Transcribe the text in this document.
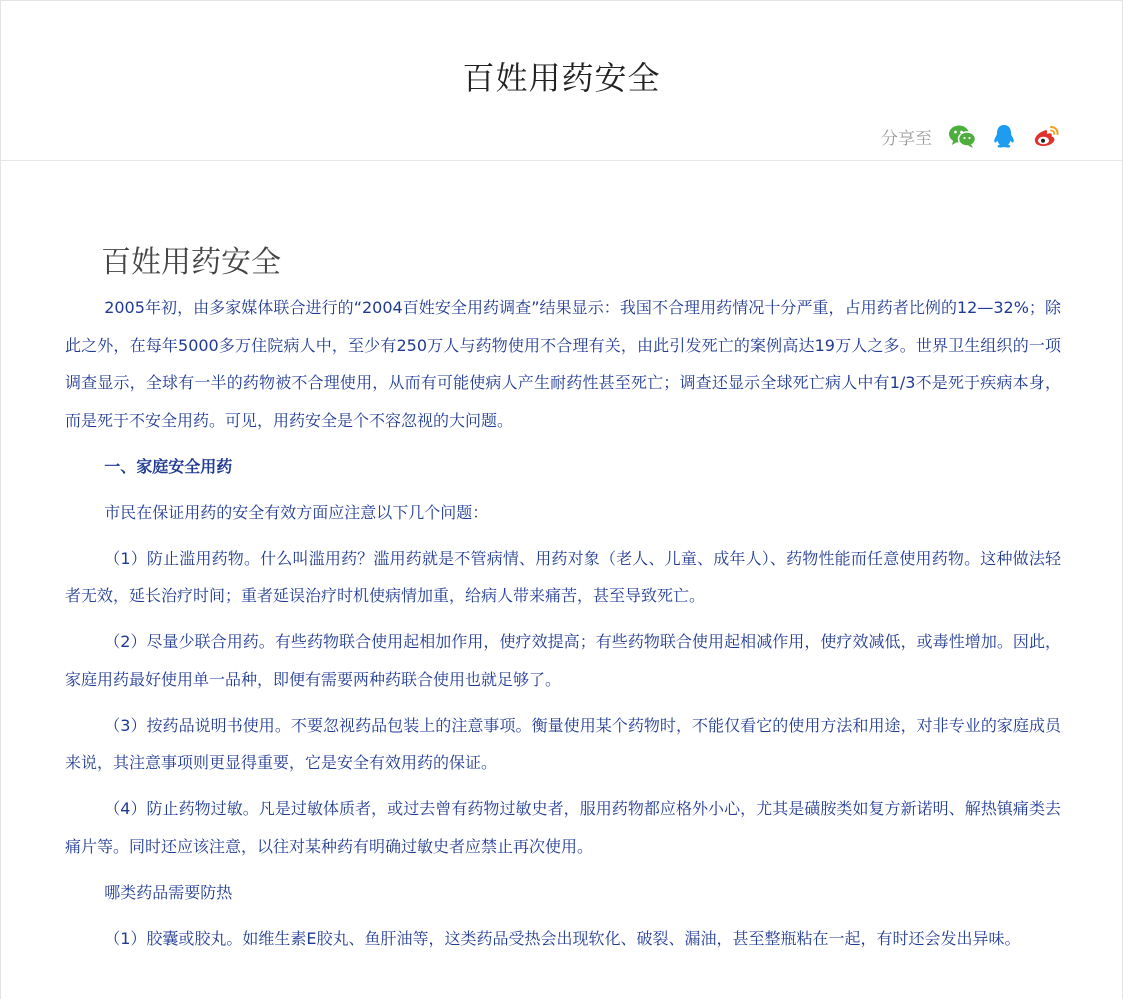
百姓用药安全
分享至
百姓用药安全

2005年初，由多家媒体联合进行的“2004百姓安全用药调查”结果显示：我国不合理用药情况十分严重，占用药者比例的12—32%；除此之外，在每年5000多万住院病人中，至少有250万人与药物使用不合理有关，由此引发死亡的案例高达19万人之多。世界卫生组织的一项调查显示，全球有一半的药物被不合理使用，从而有可能使病人产生耐药性甚至死亡；调查还显示全球死亡病人中有1/3不是死于疾病本身，而是死于不安全用药。可见，用药安全是个不容忽视的大问题。

一、家庭安全用药

市民在保证用药的安全有效方面应注意以下几个问题：

（1）防止滥用药物。什么叫滥用药？滥用药就是不管病情、用药对象（老人、儿童、成年人）、药物性能而任意使用药物。这种做法轻者无效，延长治疗时间；重者延误治疗时机使病情加重，给病人带来痛苦，甚至导致死亡。

（2）尽量少联合用药。有些药物联合使用起相加作用，使疗效提高；有些药物联合使用起相减作用，使疗效减低，或毒性增加。因此，家庭用药最好使用单一品种，即便有需要两种药联合使用也就足够了。

（3）按药品说明书使用。不要忽视药品包装上的注意事项。衡量使用某个药物时，不能仅看它的使用方法和用途，对非专业的家庭成员来说，其注意事项则更显得重要，它是安全有效用药的保证。

（4）防止药物过敏。凡是过敏体质者，或过去曾有药物过敏史者，服用药物都应格外小心，尤其是磺胺类如复方新诺明、解热镇痛类去痛片等。同时还应该注意，以往对某种药有明确过敏史者应禁止再次使用。

哪类药品需要防热

（1）胶囊或胶丸。如维生素E胶丸、鱼肝油等，这类药品受热会出现软化、破裂、漏油，甚至整瓶粘在一起，有时还会发出异味。
